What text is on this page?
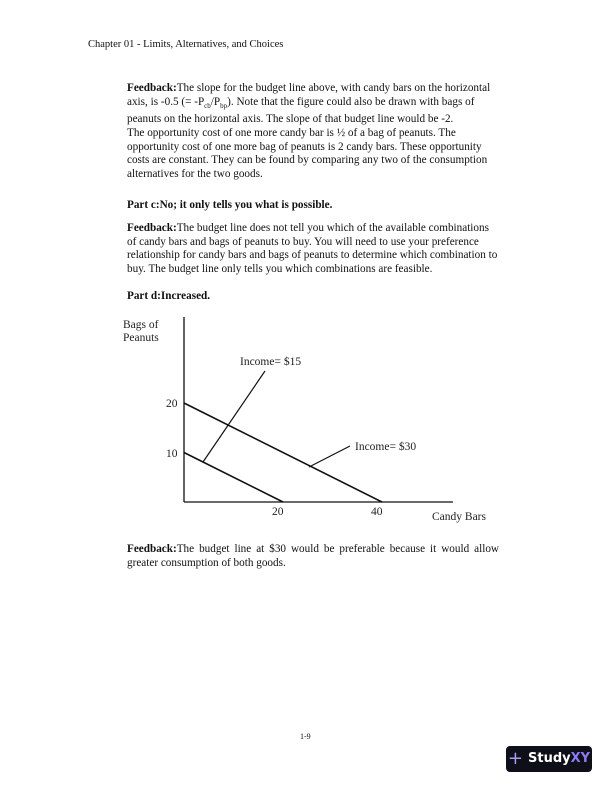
Chapter 01 - Limits, Alternatives, and Choices
Feedback:The slope for the budget line above, with candy bars on the horizontal axis, is -0.5 (= $-P_{cb}/P_{bp}$). Note that the figure could also be drawn with bags of peanuts on the horizontal axis. The slope of that budget line would be -2.
The opportunity cost of one more candy bar is ½ of a bag of peanuts. The opportunity cost of one more bag of peanuts is 2 candy bars. These opportunity costs are constant. They can be found by comparing any two of the consumption alternatives for the two goods.
Part c:No; it only tells you what is possible.
Feedback:The budget line does not tell you which of the available combinations of candy bars and bags of peanuts to buy. You will need to use your preference relationship for candy bars and bags of peanuts to determine which combination to buy. The budget line only tells you which combinations are feasible.
Part d:Increased.
Bags of
Peanuts
20
10
20	40	Candy Bars
Income= $15
Income= $30
Feedback:The budget line at $30 would be preferable because it would allow greater consumption of both goods.
1-9
+ StudyXY
